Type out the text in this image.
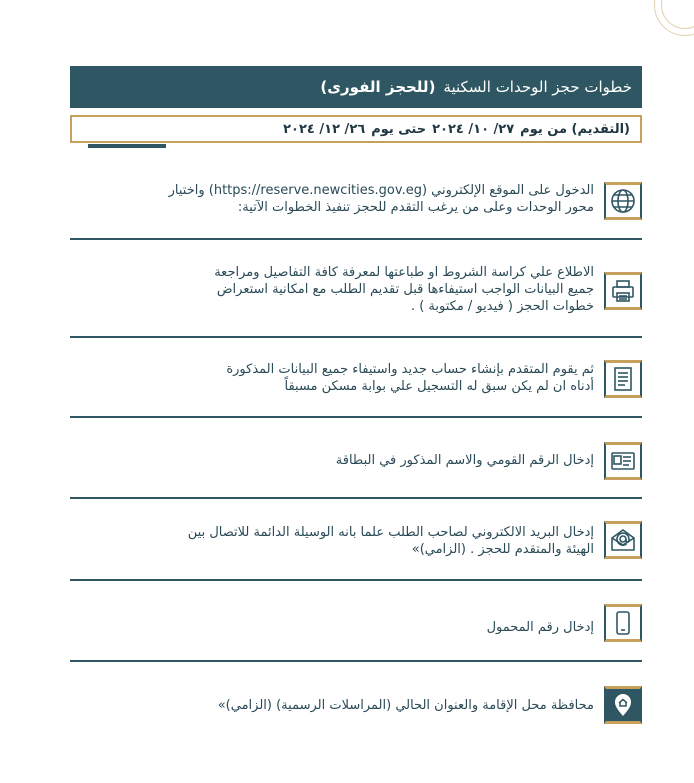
خطوات حجز الوحدات السكنية
(للحجز الفورى)
(التقديم) من يوم
٢٧/ ١٠/ ٢٠٢٤
حتى يوم
٢٦/ ١٢/ ٢٠٢٤

الدخول على الموقع الإلكتروني (https://reserve.newcities.gov.eg) واختيار

محور الوحدات وعلى من يرغب التقدم للحجز تنفيذ الخطوات الآتية:

الاطلاع علي كراسة الشروط او طباعتها لمعرفة كافة التفاصيل ومراجعة

جميع البيانات الواجب استيفاءها قبل تقديم الطلب مع امكانية استعراض

خطوات الحجز ( فيديو / مكتوبة ) .

ثم يقوم المتقدم بإنشاء حساب جديد واستيفاء جميع البيانات المذكورة

أدناه ان لم يكن سبق له التسجيل علي بوابة مسكن مسبقاً

إدخال الرقم القومي والاسم المذكور في البطاقة

إدخال البريد الالكتروني لصاحب الطلب علما بانه الوسيلة الدائمة للاتصال بين

الهيئة والمتقدم للحجز . (الزامي)»

إدخال رقم المحمول

محافظة محل الإقامة والعنوان الحالي (المراسلات الرسمية) (الزامي)»
